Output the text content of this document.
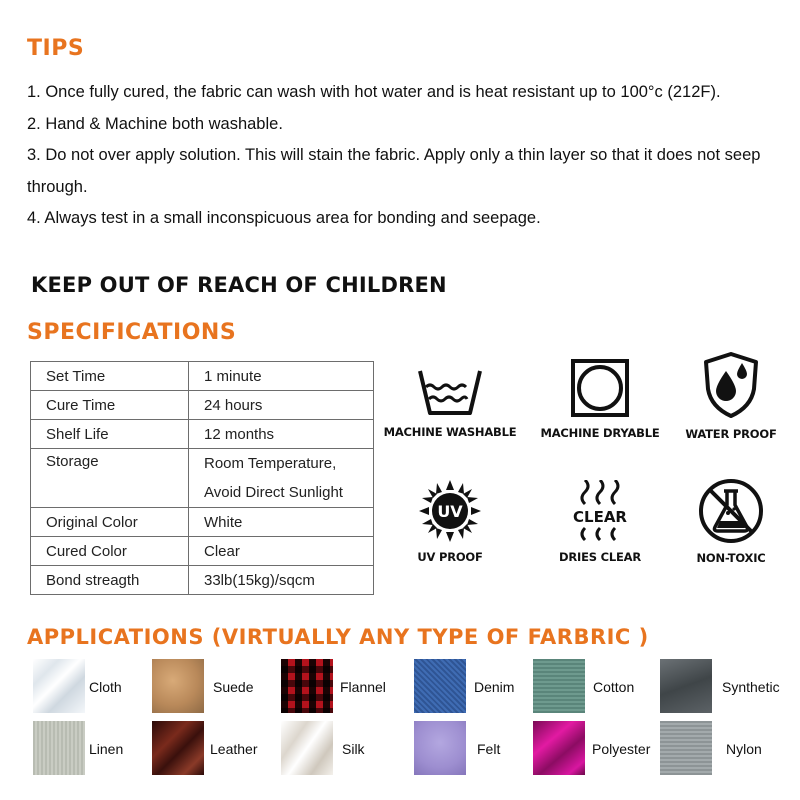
TIPS
1. Once fully cured, the fabric can wash with hot water and is heat resistant up to 100°c (212F).
2. Hand & Machine both washable.
3. Do not over apply solution. This will stain the fabric. Apply only a thin layer so that it does not seep through.
4. Always test in a small inconspicuous area for bonding and seepage.

KEEP OUT OF REACH OF CHILDREN

SPECIFICATIONS
Set Time	1 minute
Cure Time	24 hours
Shelf Life	12 months
Storage	Room Temperature,
Avoid Direct Sunlight
Original Color	White
Cured Color	Clear
Bond streagth	33lb(15kg)/sqcm
MACHINE WASHABLE	MACHINE DRYABLE	WATER PROOF
UV
UV PROOF
CLEAR
DRIES CLEAR	NON-TOXIC
APPLICATIONS (VIRTUALLY ANY TYPE OF FARBRIC )
Cloth	Suede	Flannel	Denim	Cotton	Synthetic
Linen	Leather	Silk	Felt	Polyester	Nylon
